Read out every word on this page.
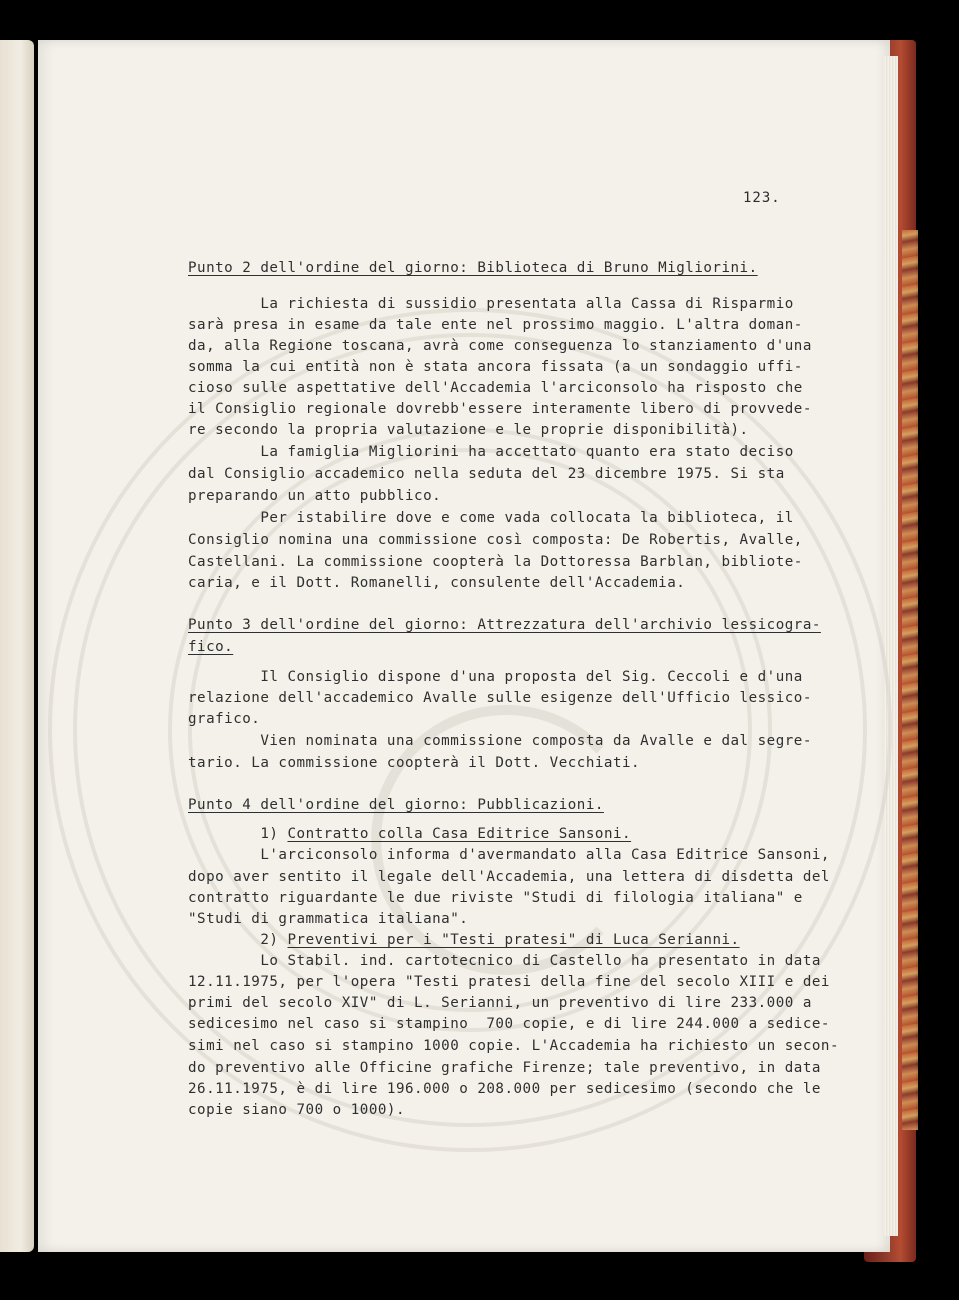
123.
Punto 2 dell'ordine del giorno: Biblioteca di Bruno Migliorini.
La richiesta di sussidio presentata alla Cassa di Risparmio
sarà presa in esame da tale ente nel prossimo maggio. L'altra doman-
da, alla Regione toscana, avrà come conseguenza lo stanziamento d'una
somma la cui entità non è stata ancora fissata (a un sondaggio uffi-
cioso sulle aspettative dell'Accademia l'arciconsolo ha risposto che
il Consiglio regionale dovrebb'essere interamente libero di provvede-
re secondo la propria valutazione e le proprie disponibilità).
La famiglia Migliorini ha accettato quanto era stato deciso
dal Consiglio accademico nella seduta del 23 dicembre 1975. Si sta
preparando un atto pubblico.
Per istabilire dove e come vada collocata la biblioteca, il
Consiglio nomina una commissione così composta: De Robertis, Avalle,
Castellani. La commissione coopterà la Dottoressa Barblan, bibliote-
caria, e il Dott. Romanelli, consulente dell'Accademia.
Punto 3 dell'ordine del giorno: Attrezzatura dell'archivio lessicogra-
fico.
Il Consiglio dispone d'una proposta del Sig. Ceccoli e d'una
relazione dell'accademico Avalle sulle esigenze dell'Ufficio lessico-
grafico.
Vien nominata una commissione composta da Avalle e dal segre-
tario. La commissione coopterà il Dott. Vecchiati.
Punto 4 dell'ordine del giorno: Pubblicazioni.
1) Contratto colla Casa Editrice Sansoni.
L'arciconsolo informa d'avermandato alla Casa Editrice Sansoni,
dopo aver sentito il legale dell'Accademia, una lettera di disdetta del
contratto riguardante le due riviste "Studi di filologia italiana" e
"Studi di grammatica italiana".
2) Preventivi per i "Testi pratesi" di Luca Serianni.
Lo Stabil. ind. cartotecnico di Castello ha presentato in data
12.11.1975, per l'opera "Testi pratesi della fine del secolo XIII e dei
primi del secolo XIV" di L. Serianni, un preventivo di lire 233.000 a
sedicesimo nel caso si stampino  700 copie, e di lire 244.000 a sedice-
simi nel caso si stampino 1000 copie. L'Accademia ha richiesto un secon-
do preventivo alle Officine grafiche Firenze; tale preventivo, in data
26.11.1975, è di lire 196.000 o 208.000 per sedicesimo (secondo che le
copie siano 700 o 1000).
